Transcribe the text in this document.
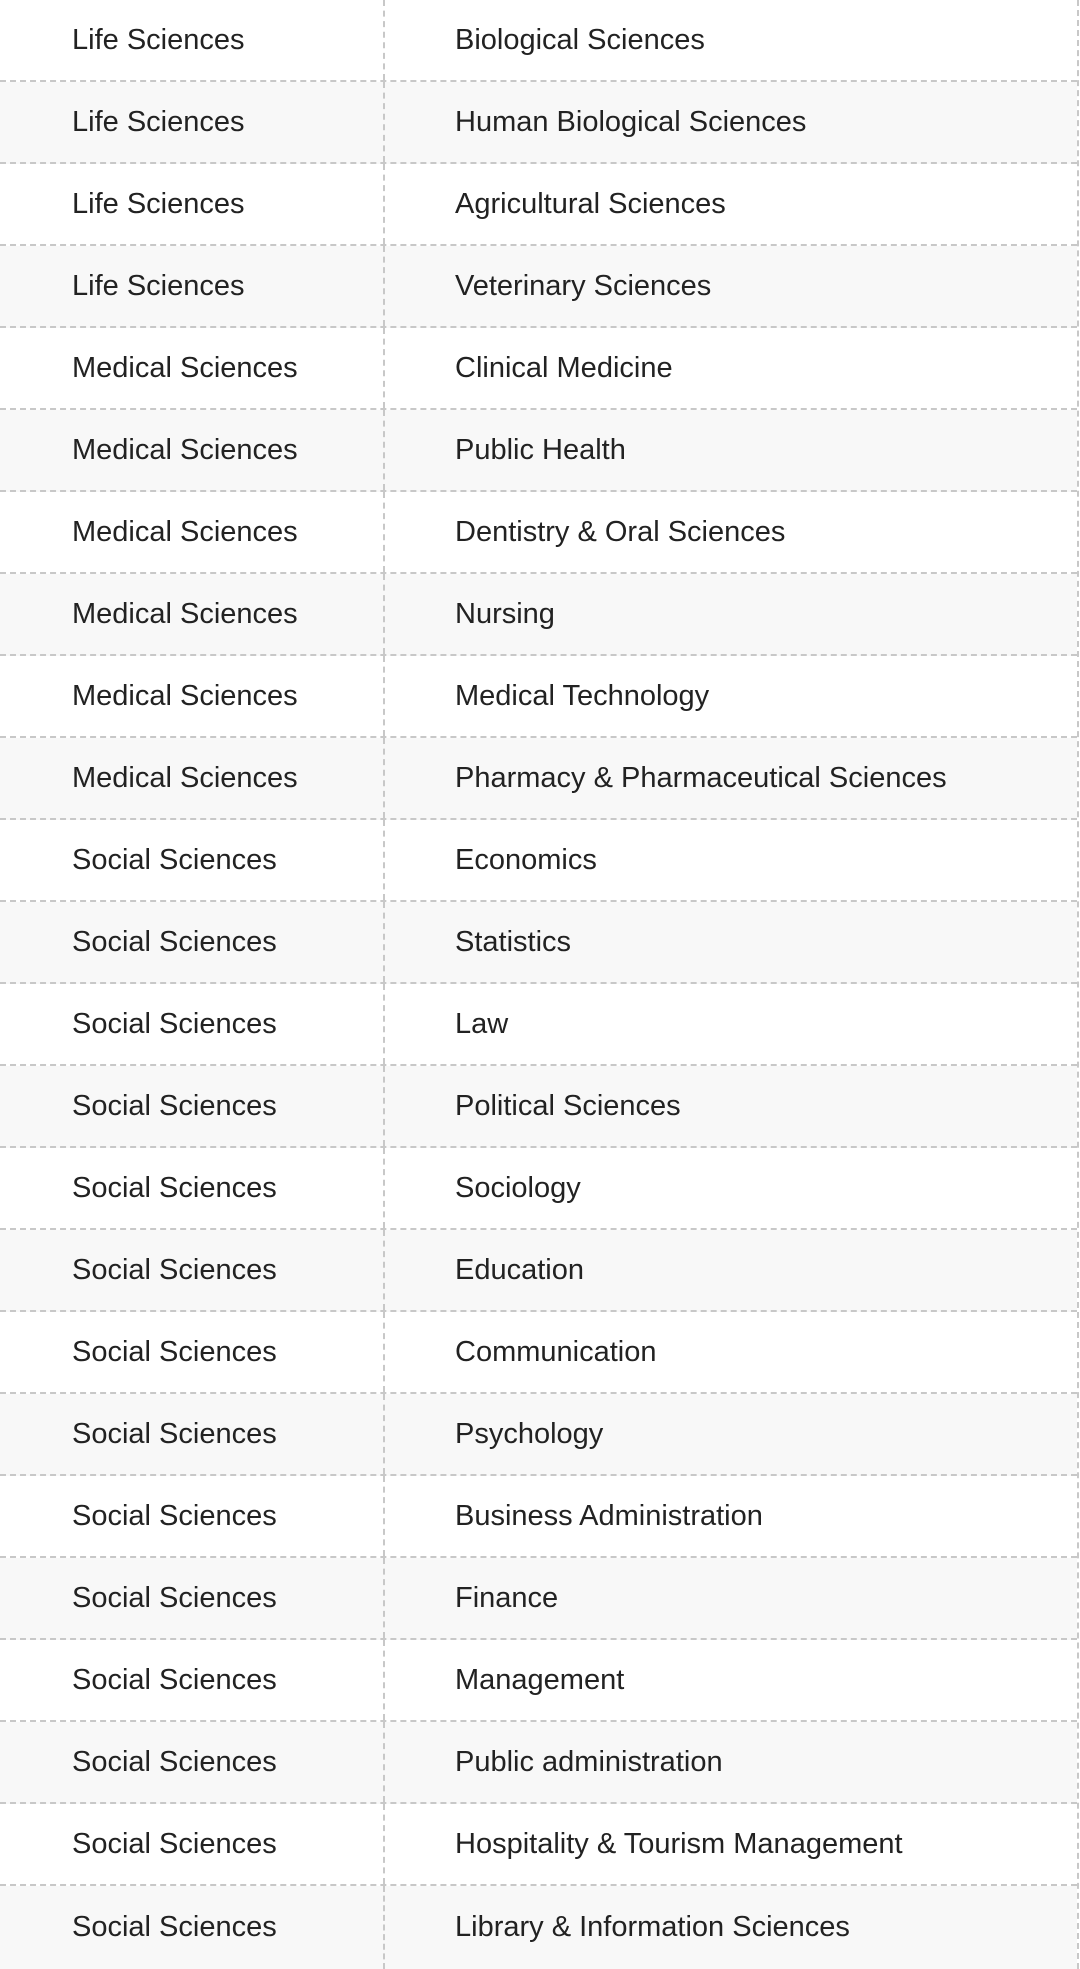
Life Sciences	Biological Sciences
Life Sciences	Human Biological Sciences
Life Sciences	Agricultural Sciences
Life Sciences	Veterinary Sciences
Medical Sciences	Clinical Medicine
Medical Sciences	Public Health
Medical Sciences	Dentistry & Oral Sciences
Medical Sciences	Nursing
Medical Sciences	Medical Technology
Medical Sciences	Pharmacy & Pharmaceutical Sciences
Social Sciences	Economics
Social Sciences	Statistics
Social Sciences	Law
Social Sciences	Political Sciences
Social Sciences	Sociology
Social Sciences	Education
Social Sciences	Communication
Social Sciences	Psychology
Social Sciences	Business Administration
Social Sciences	Finance
Social Sciences	Management
Social Sciences	Public administration
Social Sciences	Hospitality & Tourism Management
Social Sciences	Library & Information Sciences
